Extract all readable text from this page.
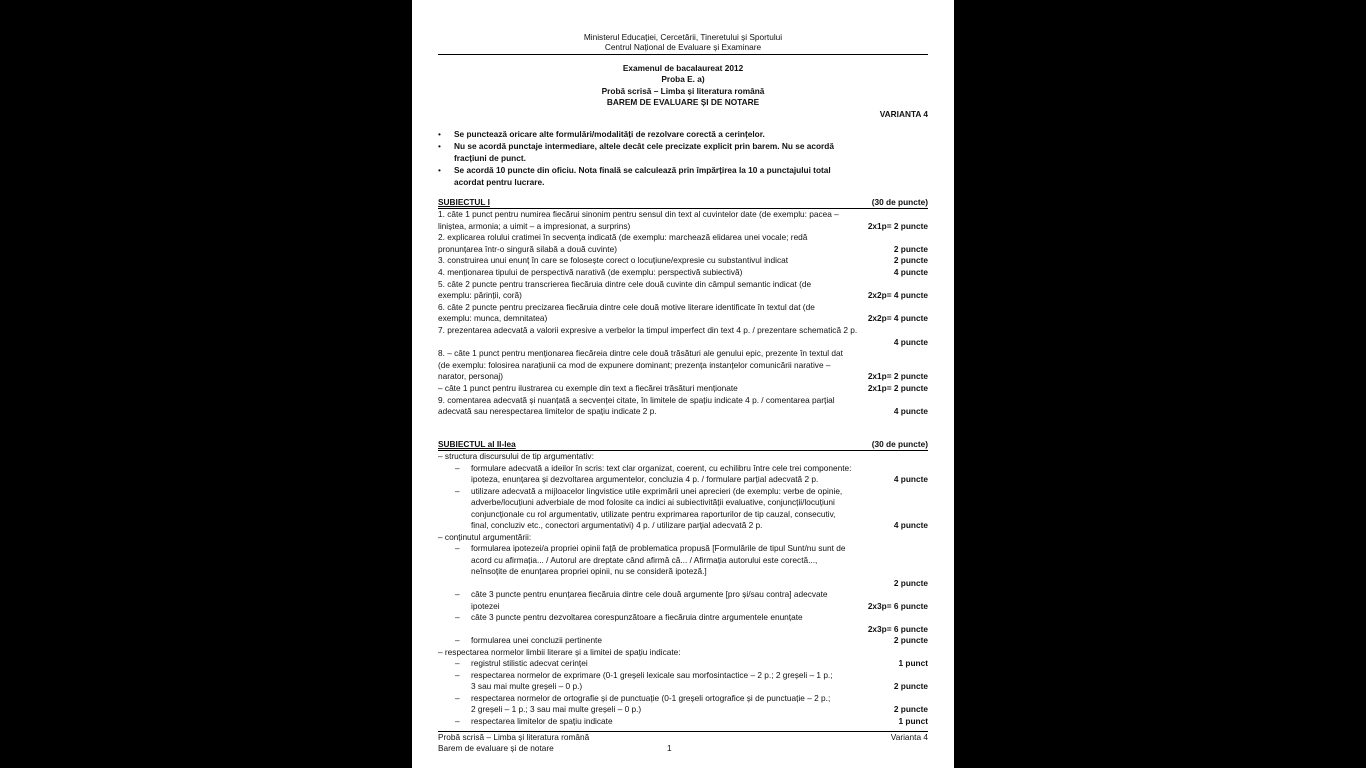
Ministerul Educației, Cercetării, Tineretului și Sportului
Centrul Național de Evaluare și Examinare
Examenul de bacalaureat 2012
Proba E. a)
Probă scrisă – Limba și literatura română
BAREM DE EVALUARE ȘI DE NOTARE
VARIANTA 4
• Se punctează oricare alte formulări/modalități de rezolvare corectă a cerințelor.
• Nu se acordă punctaje intermediare, altele decât cele precizate explicit prin barem. Nu se acordă
fracțiuni de punct.
• Se acordă 10 puncte din oficiu. Nota finală se calculează prin împărțirea la 10 a punctajului total
acordat pentru lucrare.
SUBIECTUL I	(30 de puncte)
1. câte 1 punct pentru numirea fiecărui sinonim pentru sensul din text al cuvintelor date (de exemplu: pacea –
liniștea, armonia; a uimit – a impresionat, a surprins)	2x1p= 2 puncte
2. explicarea rolului cratimei în secvența indicată (de exemplu: marchează elidarea unei vocale; redă
pronunțarea într-o singură silabă a două cuvinte)	2 puncte
3. construirea unui enunț în care se folosește corect o locuțiune/expresie cu substantivul indicat	2 puncte
4. menționarea tipului de perspectivă narativă (de exemplu: perspectivă subiectivă)	4 puncte
5. câte 2 puncte pentru transcrierea fiecăruia dintre cele două cuvinte din câmpul semantic indicat (de
exemplu: părinții, coră)	2x2p= 4 puncte
6. câte 2 puncte pentru precizarea fiecăruia dintre cele două motive literare identificate în textul dat (de
exemplu: munca, demnitatea)	2x2p= 4 puncte
7. prezentarea adecvată a valorii expresive a verbelor la timpul imperfect din text 4 p. / prezentare schematică 2 p.
4 puncte
8. – câte 1 punct pentru menționarea fiecăreia dintre cele două trăsături ale genului epic, prezente în textul dat
(de exemplu: folosirea narațiunii ca mod de expunere dominant; prezența instanțelor comunicării narative –
narator, personaj)	2x1p= 2 puncte
– câte 1 punct pentru ilustrarea cu exemple din text a fiecărei trăsături menționate	2x1p= 2 puncte
9. comentarea adecvată și nuanțată a secvenței citate, în limitele de spațiu indicate 4 p. / comentarea parțial
adecvată sau nerespectarea limitelor de spațiu indicate 2 p.	4 puncte
SUBIECTUL al II-lea	(30 de puncte)
– structura discursului de tip argumentativ:
– formulare adecvată a ideilor în scris: text clar organizat, coerent, cu echilibru între cele trei componente:
ipoteza, enunțarea și dezvoltarea argumentelor, concluzia 4 p. / formulare parțial adecvată 2 p.	4 puncte
– utilizare adecvată a mijloacelor lingvistice utile exprimării unei aprecieri (de exemplu: verbe de opinie,
adverbe/locuțiuni adverbiale de mod folosite ca indici ai subiectivității evaluative, conjuncții/locuțiuni
conjuncționale cu rol argumentativ, utilizate pentru exprimarea raporturilor de tip cauzal, consecutiv,
final, concluziv etc., conectori argumentativi) 4 p. / utilizare parțial adecvată 2 p.	4 puncte
– conținutul argumentării:
– formularea ipotezei/a propriei opinii față de problematica propusă [Formulările de tipul Sunt/nu sunt de
acord cu afirmația... / Autorul are dreptate când afirmă că... / Afirmația autorului este corectă...,
neînsoțite de enunțarea propriei opinii, nu se consideră ipoteză.]
2 puncte
– câte 3 puncte pentru enunțarea fiecăruia dintre cele două argumente [pro și/sau contra] adecvate
ipotezei	2x3p= 6 puncte
– câte 3 puncte pentru dezvoltarea corespunzătoare a fiecăruia dintre argumentele enunțate
2x3p= 6 puncte
– formularea unei concluzii pertinente	2 puncte
– respectarea normelor limbii literare și a limitei de spațiu indicate:
– registrul stilistic adecvat cerinței	1 punct
– respectarea normelor de exprimare (0-1 greșeli lexicale sau morfosintactice – 2 p.; 2 greșeli – 1 p.;
3 sau mai multe greșeli – 0 p.)	2 puncte
– respectarea normelor de ortografie și de punctuație (0-1 greșeli ortografice și de punctuație – 2 p.;
2 greșeli – 1 p.; 3 sau mai multe greșeli – 0 p.)	2 puncte
– respectarea limitelor de spațiu indicate	1 punct
Probă scrisă – Limba și literatura română
Barem de evaluare și de notare	1
Varianta 4
